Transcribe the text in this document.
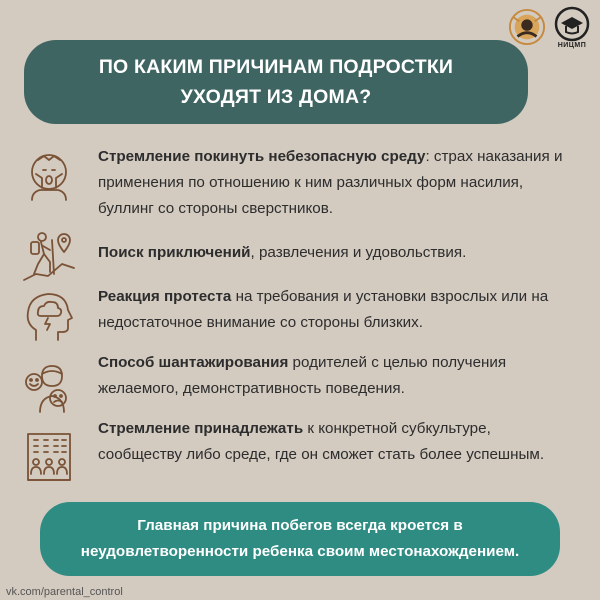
НИЦМП
ПО КАКИМ ПРИЧИНАМ ПОДРОСТКИ УХОДЯТ ИЗ ДОМА?
Стремление покинуть небезопасную среду: страх наказания и применения по отношению к ним различных форм насилия, буллинг со стороны сверстников.
Поиск приключений, развлечения и удовольствия.
Реакция протеста на требования и установки взрослых или на недостаточное внимание со стороны близких.
Способ шантажирования родителей с целью получения желаемого, демонстративность поведения.
Стремление принадлежать к конкретной субкультуре, сообществу либо среде, где он сможет стать более успешным.
Главная причина побегов всегда кроется в неудовлетворенности ребенка своим местонахождением.
vk.com/parental_control
